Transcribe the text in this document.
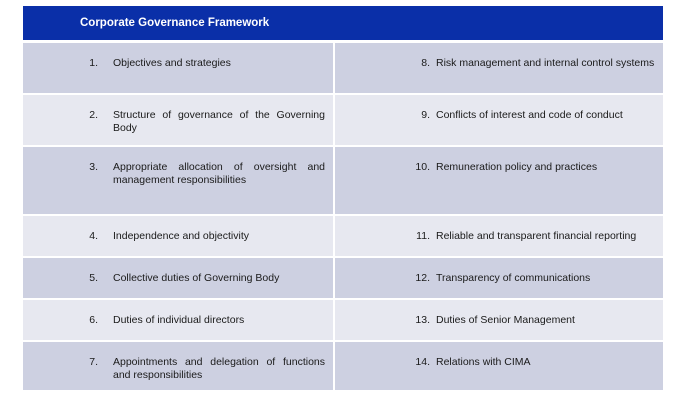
Corporate Governance Framework
1. Objectives and strategies	8. Risk management and internal control systems

2. Structure of governance of the Governing Body	9. Conflicts of interest and code of conduct

3. Appropriate allocation of oversight and management responsibilities	10. Remuneration policy and practices

4. Independence and objectivity	11. Reliable and transparent financial reporting

5. Collective duties of Governing Body	12. Transparency of communications

6. Duties of individual directors	13. Duties of Senior Management

7. Appointments and delegation of functions and responsibilities	14. Relations with CIMA
